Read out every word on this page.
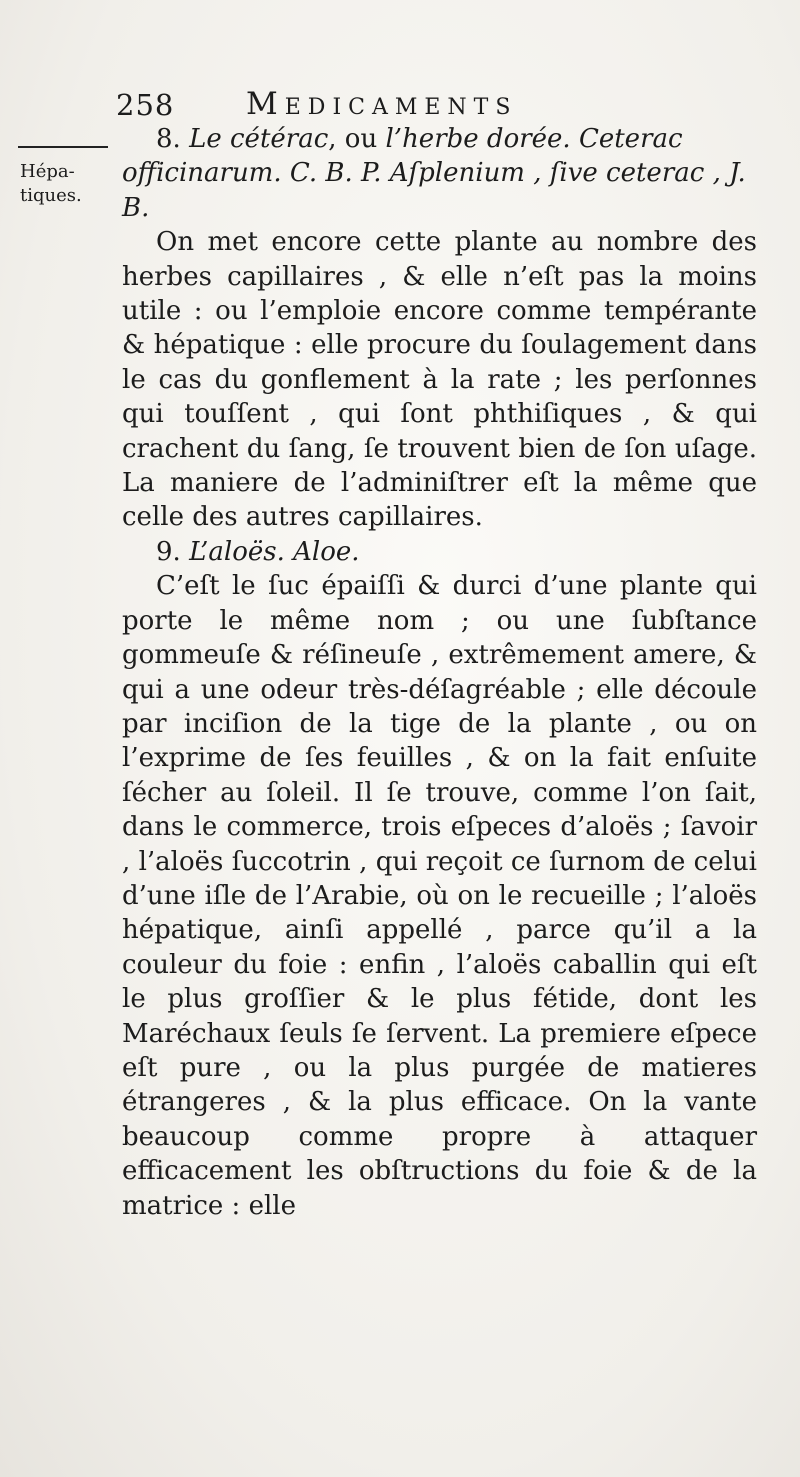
258 Medicaments
Hépa-
tiques.

8. Le cétérac, ou l’herbe dorée. Ceterac officinarum. C. B. P. Aſplenium , ſive ceterac , J. B.

On met encore cette plante au nombre des herbes capillaires , & elle n’eſt pas la moins utile : ou l’emploie encore comme tempérante & hépatique : elle procure du ſoulagement dans le cas du gonflement à la rate ; les perſonnes qui touſſent , qui ſont phthiſiques , & qui crachent du ſang, ſe trouvent bien de ſon uſage. La maniere de l’adminiſtrer eſt la même que celle des autres capillaires.

9. L’aloës. Aloe.

C’eſt le ſuc épaiſſi & durci d’une plante qui porte le même nom ; ou une ſubſtance gommeuſe & réſineuſe , extrêmement amere, & qui a une odeur très-déſagréable ; elle découle par inciſion de la tige de la plante , ou on l’exprime de ſes feuilles , & on la fait enſuite ſécher au ſoleil. Il ſe trouve, comme l’on ſait, dans le commerce, trois eſpeces d’aloës ; ſavoir , l’aloës ſuccotrin , qui reçoit ce ſurnom de celui d’une iſle de l’Arabie, où on le recueille ; l’aloës hépatique, ainſi appellé , parce qu’il a la couleur du foie : enfin , l’aloës caballin qui eſt le plus groſſier & le plus fétide, dont les Maréchaux ſeuls ſe ſervent. La premiere eſpece eſt pure , ou la plus purgée de matieres étrangeres , & la plus efficace. On la vante beaucoup comme propre à attaquer efficacement les obſtructions du foie & de la matrice : elle
